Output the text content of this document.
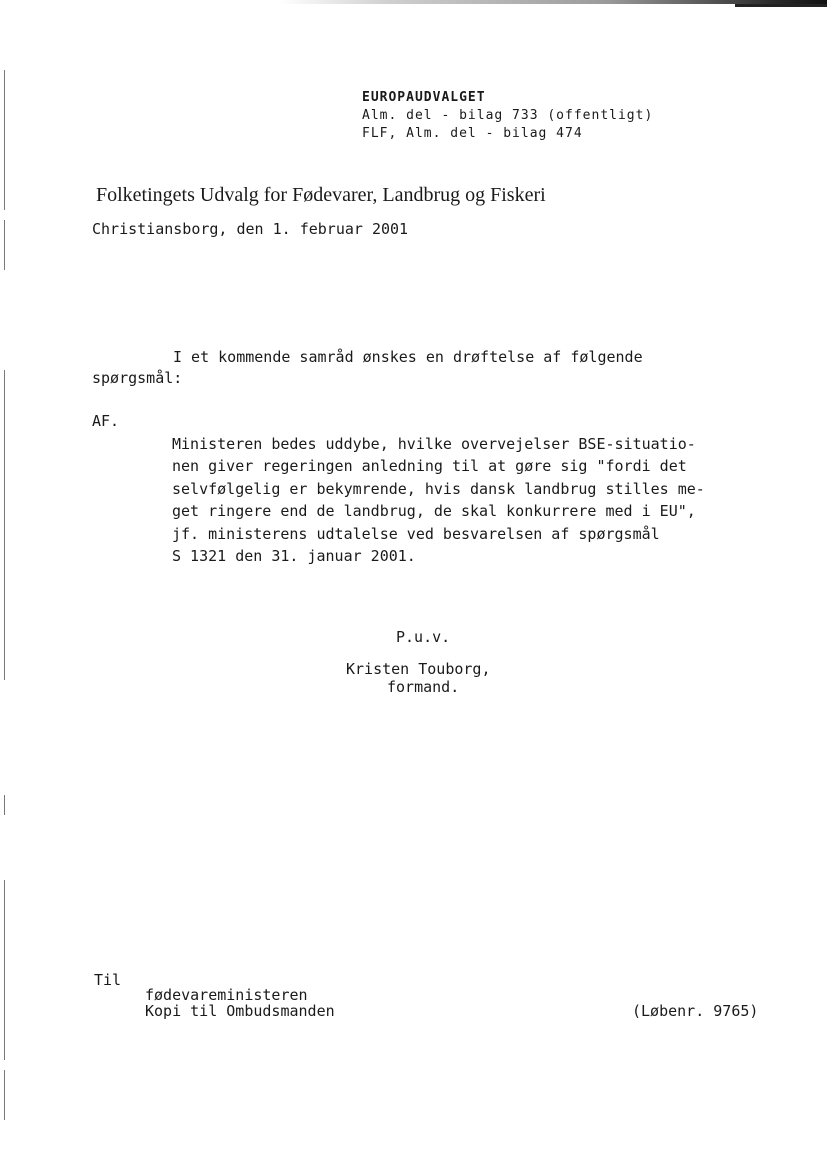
EUROPAUDVALGET
Alm. del - bilag 733 (offentligt)
FLF, Alm. del - bilag 474
Folketingets Udvalg for Fødevarer, Landbrug og Fiskeri
Christiansborg, den 1. februar 2001
I et kommende samråd ønskes en drøftelse af følgende
spørgsmål:
AF.

Ministeren bedes uddybe, hvilke overvejelser BSE-situatio-
nen giver regeringen anledning til at gøre sig "fordi det
selvfølgelig er bekymrende, hvis dansk landbrug stilles me-
get ringere end de landbrug, de skal konkurrere med i EU",
jf. ministerens udtalelse ved besvarelsen af spørgsmål
S 1321 den 31. januar 2001.

P.u.v.
Kristen Touborg,
formand.
Til
fødevareministeren
Kopi til Ombudsmanden	(Løbenr. 9765)
